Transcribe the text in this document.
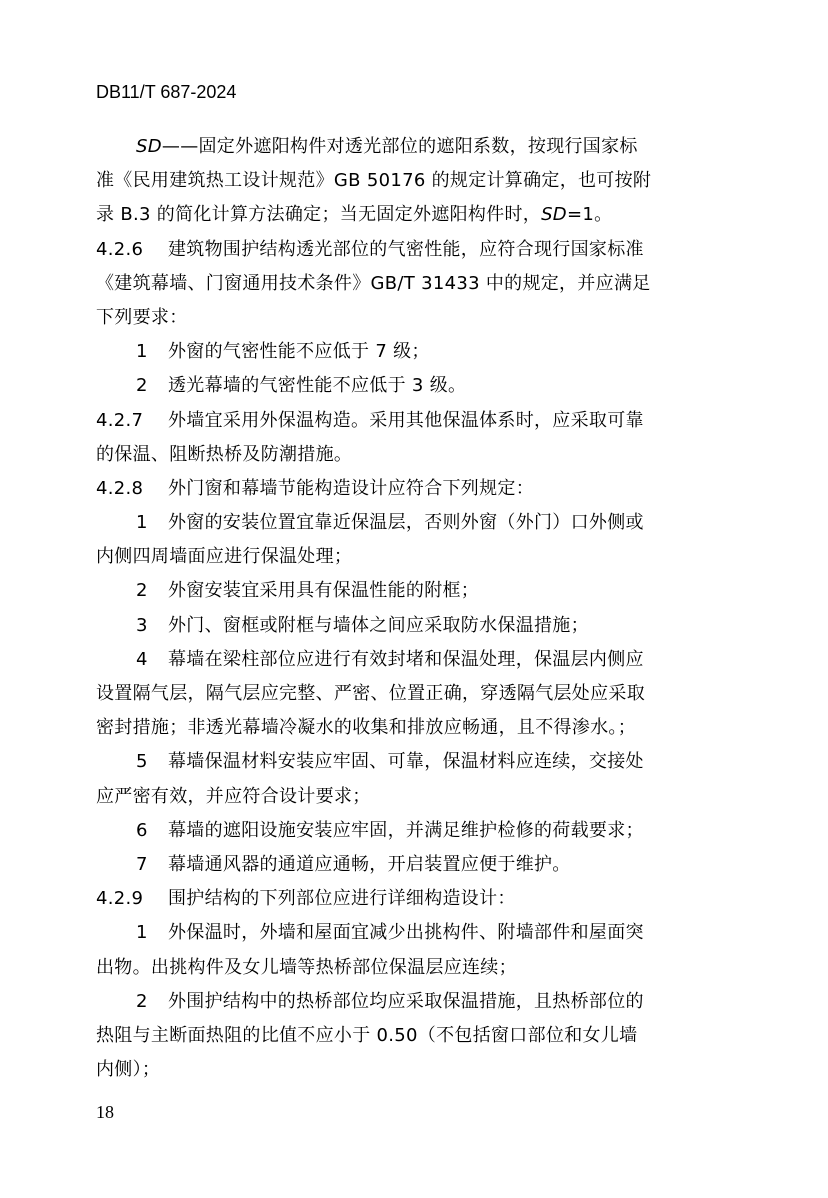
DB11/T 687-2024
SD——固定外遮阳构件对透光部位的遮阳系数，按现行国家标
准《民用建筑热工设计规范》GB 50176 的规定计算确定，也可按附
录 B.3 的简化计算方法确定；当无固定外遮阳构件时，SD=1。
4.2.6 建筑物围护结构透光部位的气密性能，应符合现行国家标准
《建筑幕墙、门窗通用技术条件》GB/T 31433 中的规定，并应满足
下列要求：
1 外窗的气密性能不应低于 7 级；
2 透光幕墙的气密性能不应低于 3 级。
4.2.7 外墙宜采用外保温构造。采用其他保温体系时，应采取可靠
的保温、阻断热桥及防潮措施。
4.2.8 外门窗和幕墙节能构造设计应符合下列规定：
1 外窗的安装位置宜靠近保温层，否则外窗（外门）口外侧或
内侧四周墙面应进行保温处理；
2 外窗安装宜采用具有保温性能的附框；
3 外门、窗框或附框与墙体之间应采取防水保温措施；
4 幕墙在梁柱部位应进行有效封堵和保温处理，保温层内侧应
设置隔气层，隔气层应完整、严密、位置正确，穿透隔气层处应采取
密封措施；非透光幕墙冷凝水的收集和排放应畅通，且不得渗水。；
5 幕墙保温材料安装应牢固、可靠，保温材料应连续，交接处
应严密有效，并应符合设计要求；
6 幕墙的遮阳设施安装应牢固，并满足维护检修的荷载要求；
7 幕墙通风器的通道应通畅，开启装置应便于维护。
4.2.9 围护结构的下列部位应进行详细构造设计：
1 外保温时，外墙和屋面宜减少出挑构件、附墙部件和屋面突
出物。出挑构件及女儿墙等热桥部位保温层应连续；
2 外围护结构中的热桥部位均应采取保温措施，且热桥部位的
热阻与主断面热阻的比值不应小于 0.50（不包括窗口部位和女儿墙
内侧）；
18
